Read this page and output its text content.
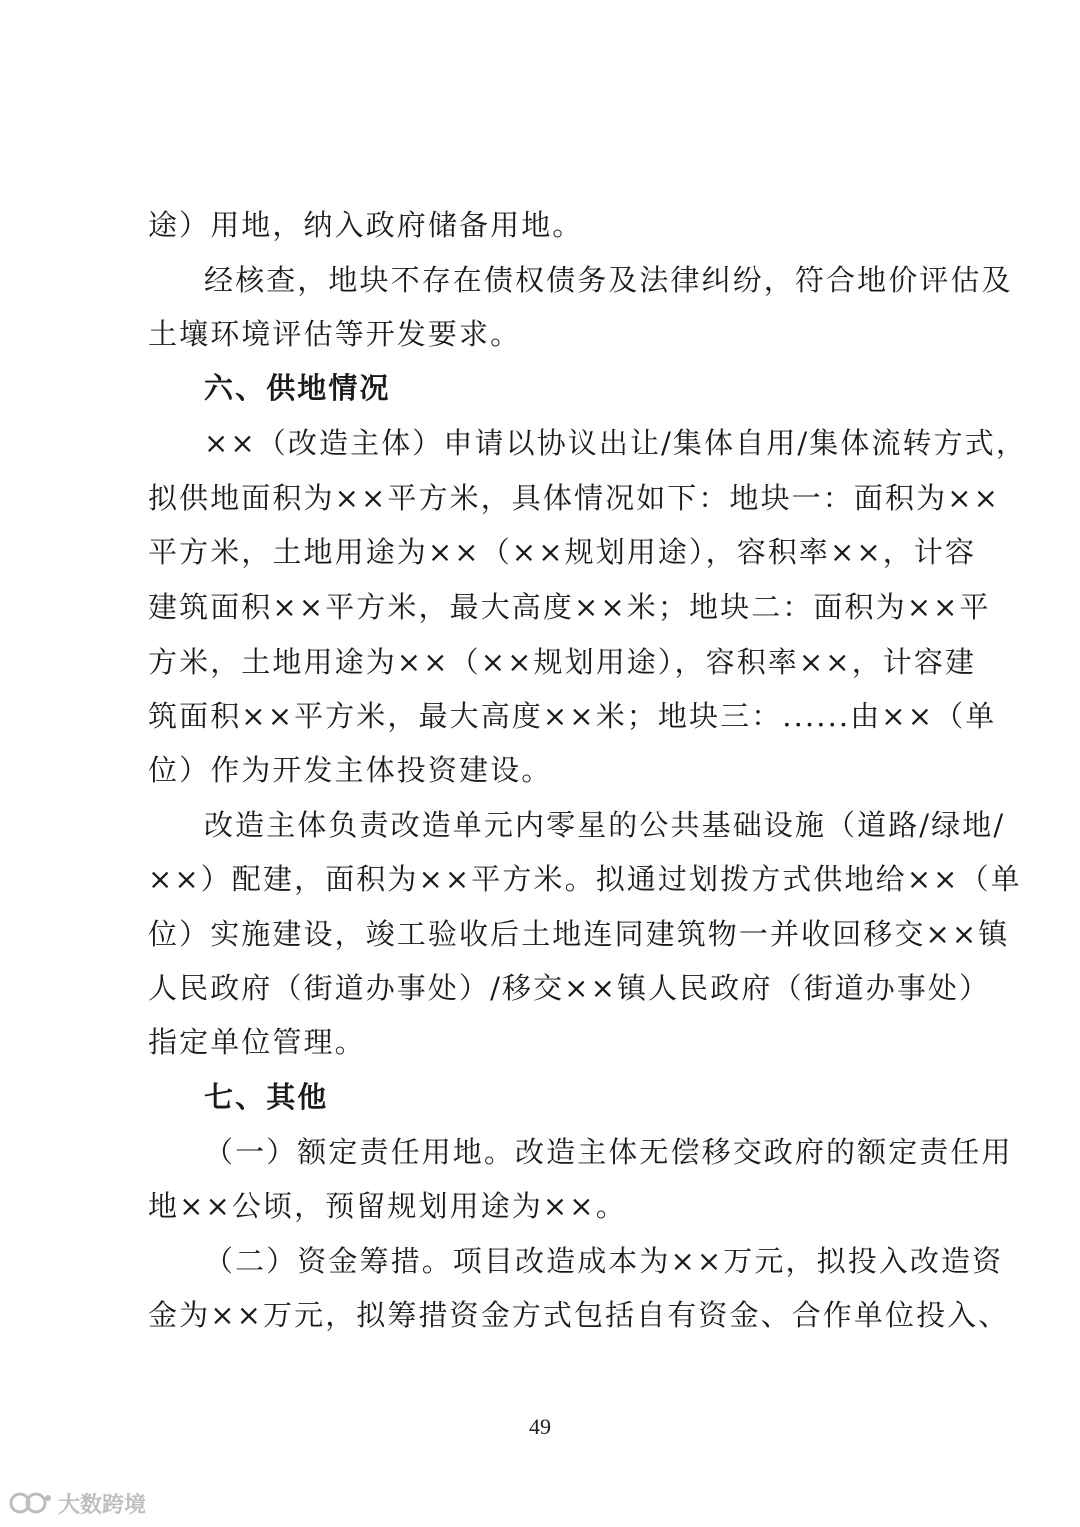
途）用地，纳入政府储备用地。
经核查，地块不存在债权债务及法律纠纷，符合地价评估及
土壤环境评估等开发要求。
六、供地情况
××（改造主体）申请以协议出让/集体自用/集体流转方式，
拟供地面积为××平方米，具体情况如下：地块一：面积为××
平方米，土地用途为××（××规划用途），容积率××，计容
建筑面积××平方米，最大高度××米；地块二：面积为××平
方米，土地用途为××（××规划用途），容积率××，计容建
筑面积××平方米，最大高度××米；地块三：......由××（单
位）作为开发主体投资建设。
改造主体负责改造单元内零星的公共基础设施（道路/绿地/
××）配建，面积为××平方米。拟通过划拨方式供地给××（单
位）实施建设，竣工验收后土地连同建筑物一并收回移交××镇
人民政府（街道办事处）/移交××镇人民政府（街道办事处）
指定单位管理。
七、其他
（一）额定责任用地。改造主体无偿移交政府的额定责任用
地××公顷，预留规划用途为××。
（二）资金筹措。项目改造成本为××万元，拟投入改造资
金为××万元，拟筹措资金方式包括自有资金、合作单位投入、
49
大数跨境
